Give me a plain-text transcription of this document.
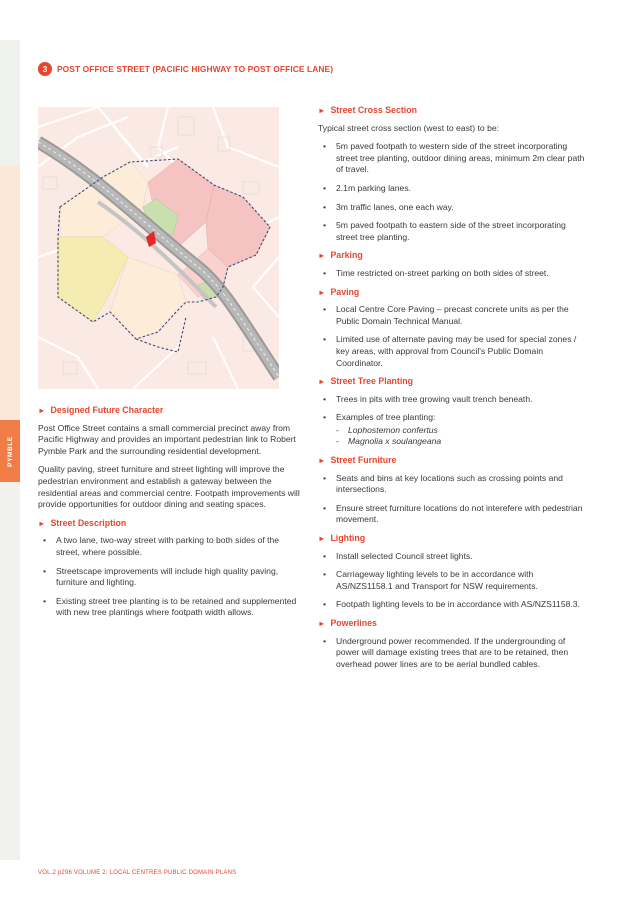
PYMBLE
3	POST OFFICE STREET (PACIFIC HIGHWAY TO POST OFFICE LANE)
► Designed Future Character

Post Office Street contains a small commercial precinct away from Pacific Highway and provides an important pedestrian link to Robert Pymble Park and the surrounding residential development.

Quality paving, street furniture and street lighting will improve the pedestrian environment and establish a gateway between the residential areas and commercial centre. Footpath improvements will provide opportunities for outdoor dining and seating spaces.

► Street Description
• A two lane, two-way street with parking to both sides of the street, where possible.
• Streetscape improvements will include high quality paving, furniture and lighting.
• Existing street tree planting is to be retained and supplemented with new tree plantings where footpath width allows.
► Street Cross Section

Typical street cross section (west to east) to be:

• 5m paved footpath to western side of the street incorporating street tree planting, outdoor dining areas, minimum 2m clear path of travel.
• 2.1m parking lanes.
• 3m traffic lanes, one each way.
• 5m paved footpath to eastern side of the street incorporating street tree planting.
► Parking
• Time restricted on-street parking on both sides of street.
► Paving
• Local Centre Core Paving – precast concrete units as per the Public Domain Technical Manual.
• Limited use of alternate paving may be used for special zones / key areas, with approval from Council's Public Domain Coordinator.
► Street Tree Planting
• Trees in pits with tree growing vault trench beneath.
• Examples of tree planting:
-	Lophostemon confertus
-	Magnolia x soulangeana
► Street Furniture
• Seats and bins at key locations such as crossing points and intersections.
• Ensure street furniture locations do not interefere with pedestrian movement.
► Lighting
• Install selected Council street lights.
• Carriageway lighting levels to be in accordance with AS/NZS1158.1 and Transport for NSW requirements.
• Footpath lighting levels to be in accordance with AS/NZS1158.3.
► Powerlines
• Underground power recommended. If the undergrounding of power will damage existing trees that are to be retained, then overhead power lines are to be aerial bundled cables.
VOL.2 p296 VOLUME 2: LOCAL CENTRES PUBLIC DOMAIN PLANS
